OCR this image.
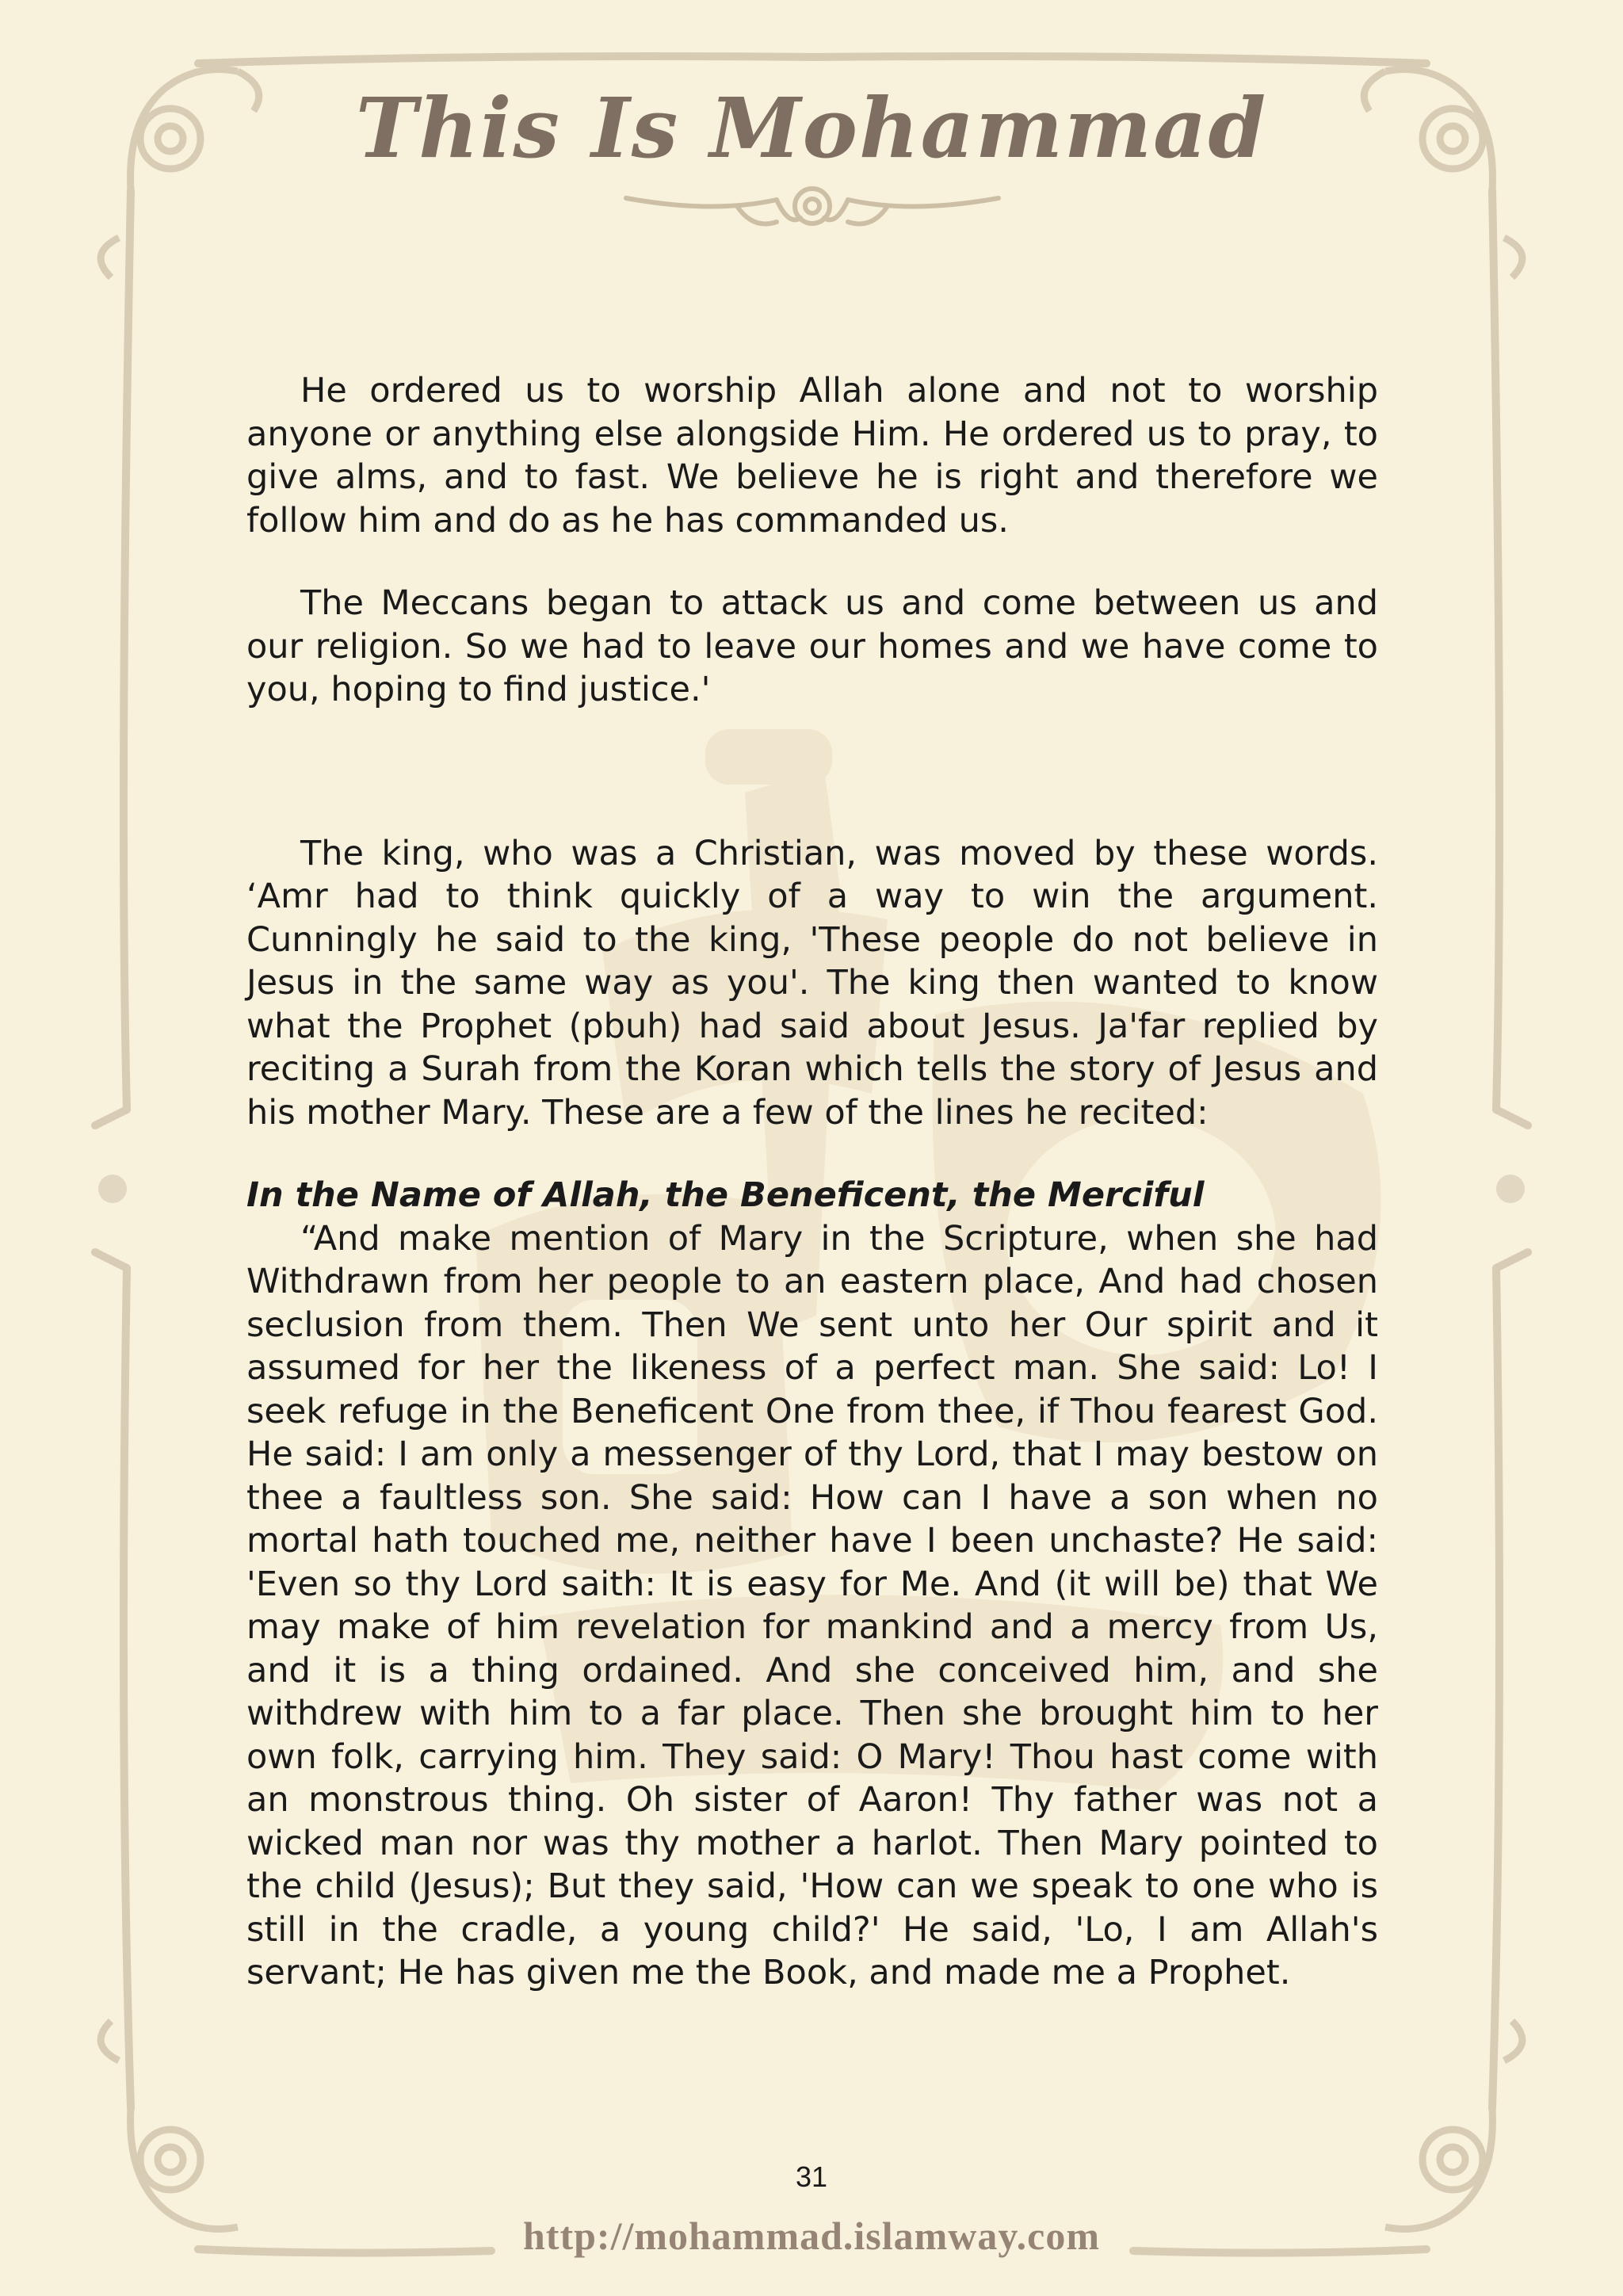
This Is Mohammad

He ordered us to worship Allah alone and not to worship anyone or anything else alongside Him. He ordered us to pray, to give alms, and to fast. We believe he is right and therefore we follow him and do as he has commanded us.

The Meccans began to attack us and come between us and our religion. So we had to leave our homes and we have come to you, hoping to find justice.'

The king, who was a Christian, was moved by these words. ‘Amr had to think quickly of a way to win the argument. Cunningly he said to the king, 'These people do not believe in Jesus in the same way as you'. The king then wanted to know what the Prophet (pbuh) had said about Jesus. Ja'far replied by reciting a Surah from the Koran which tells the story of Jesus and his mother Mary. These are a few of the lines he recited:

In the Name of Allah, the Beneficent, the Merciful

“And make mention of Mary in the Scripture, when she had Withdrawn from her people to an eastern place, And had chosen seclusion from them. Then We sent unto her Our spirit and it assumed for her the likeness of a perfect man. She said: Lo! I seek refuge in the Beneficent One from thee, if Thou fearest God. He said: I am only a messenger of thy Lord, that I may bestow on thee a faultless son. She said: How can I have a son when no mortal hath touched me, neither have I been unchaste? He said: 'Even so thy Lord saith: It is easy for Me. And (it will be) that We may make of him revelation for mankind and a mercy from Us, and it is a thing ordained. And she conceived him, and she withdrew with him to a far place. Then she brought him to her own folk, carrying him. They said: O Mary! Thou hast come with an monstrous thing. Oh sister of Aaron! Thy father was not a wicked man nor was thy mother a harlot. Then Mary pointed to the child (Jesus); But they said, 'How can we speak to one who is still in the cradle, a young child?' He said, 'Lo, I am Allah's servant; He has given me the Book, and made me a Prophet.

31
http://mohammad.islamway.com
